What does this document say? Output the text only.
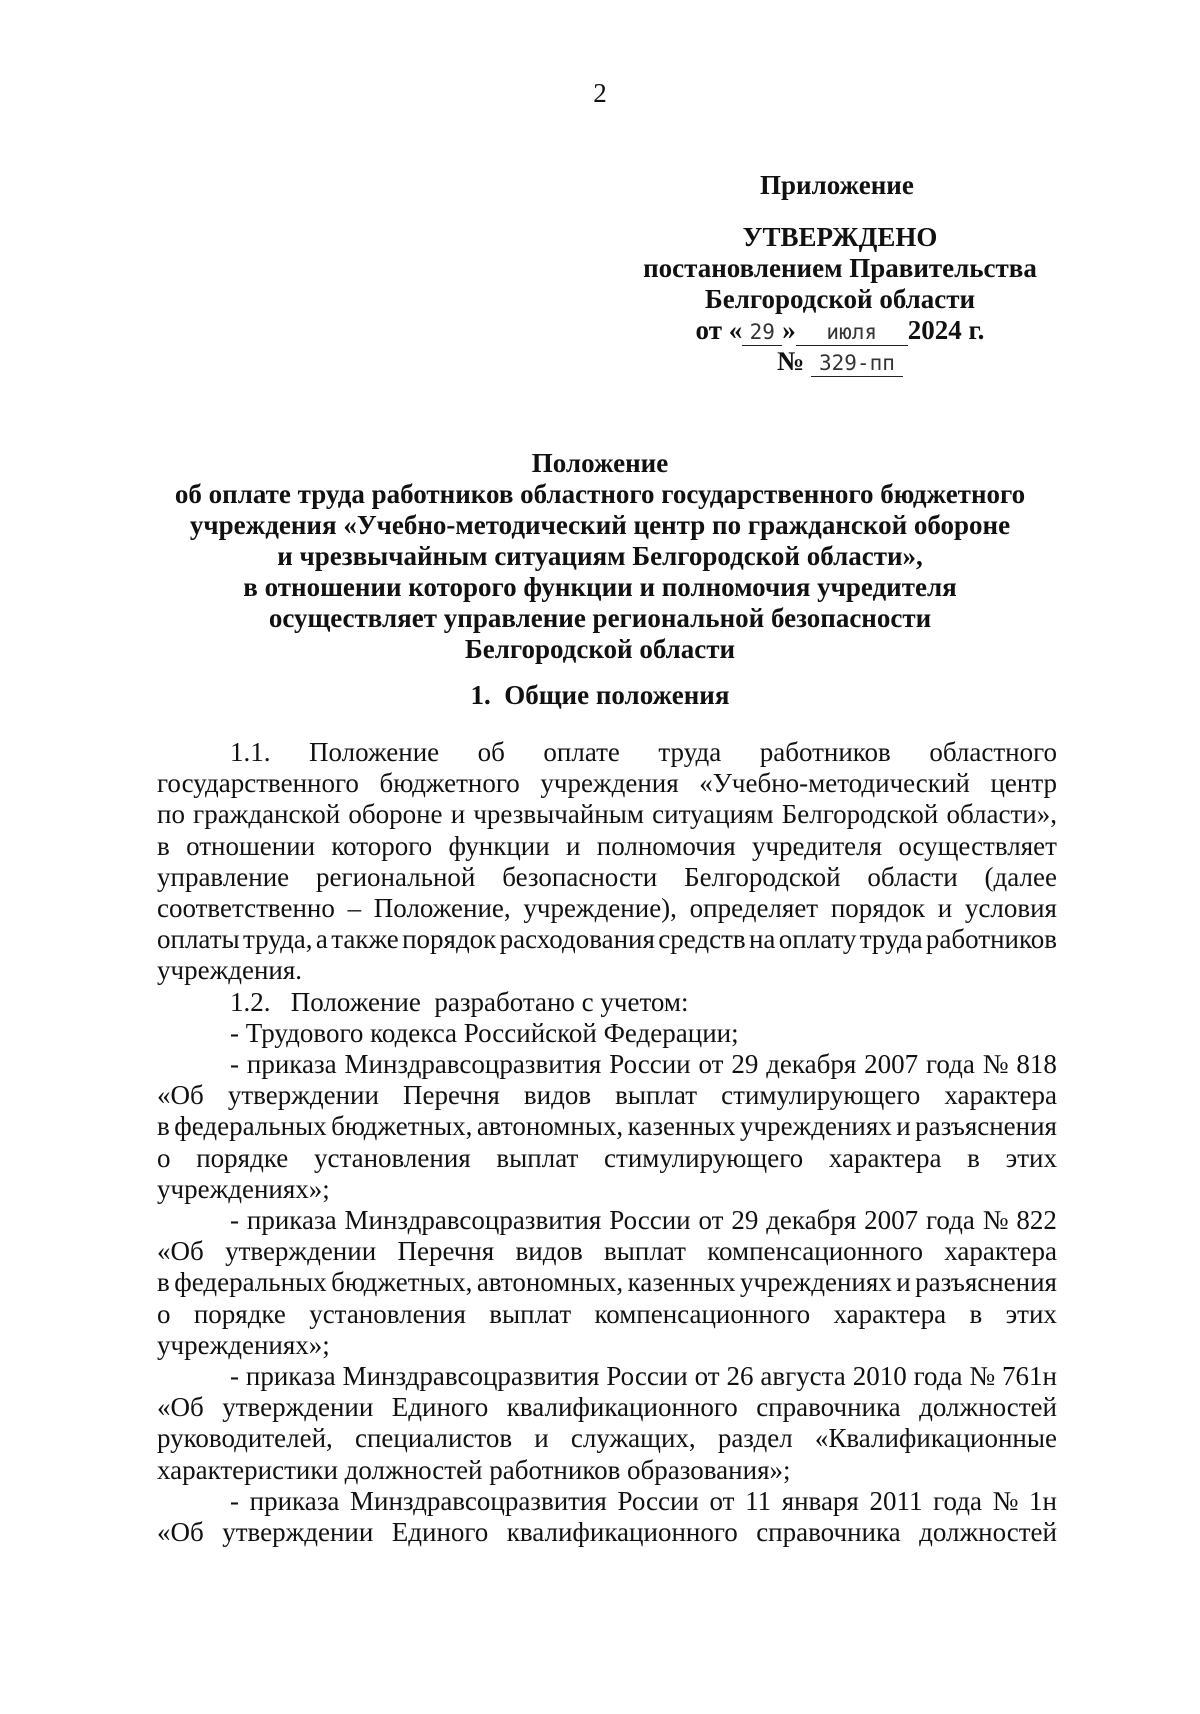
2
Приложение
УТВЕРЖДЕНО
постановлением Правительства
Белгородской области
от « 29 » июля 2024 г.
№ 329-пп
Положение
об оплате труда работников областного государственного бюджетного
учреждения «Учебно-методический центр по гражданской обороне
и чрезвычайным ситуациям Белгородской области»,
в отношении которого функции и полномочия учредителя
осуществляет управление региональной безопасности
Белгородской области
1. Общие положения
1.1. Положение об оплате труда работников областного
государственного бюджетного учреждения «Учебно-методический центр
по гражданской обороне и чрезвычайным ситуациям Белгородской области»,
в отношении которого функции и полномочия учредителя осуществляет
управление региональной безопасности Белгородской области (далее
соответственно – Положение, учреждение), определяет порядок и условия
оплаты труда, а также порядок расходования средств на оплату труда работников
учреждения.
1.2.   Положение  разработано с учетом:
- Трудового кодекса Российской Федерации;
- приказа Минздравсоцразвития России от 29 декабря 2007 года № 818
«Об утверждении Перечня видов выплат стимулирующего характера
в федеральных бюджетных, автономных, казенных учреждениях и разъяснения
о порядке установления выплат стимулирующего характера в этих
учреждениях»;
- приказа Минздравсоцразвития России от 29 декабря 2007 года № 822
«Об утверждении Перечня видов выплат компенсационного характера
в федеральных бюджетных, автономных, казенных учреждениях и разъяснения
о порядке установления выплат компенсационного характера в этих
учреждениях»;
- приказа Минздравсоцразвития России от 26 августа 2010 года № 761н
«Об утверждении Единого квалификационного справочника должностей
руководителей, специалистов и служащих, раздел «Квалификационные
характеристики должностей работников образования»;
- приказа Минздравсоцразвития России от 11 января 2011 года № 1н
«Об утверждении Единого квалификационного справочника должностей
